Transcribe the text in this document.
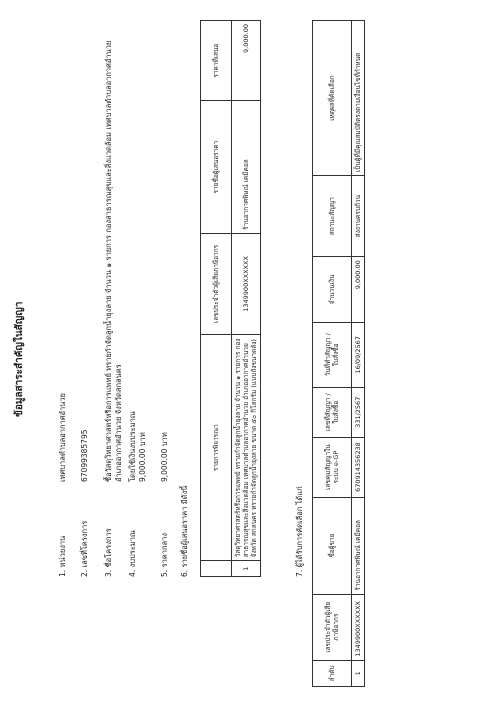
ข้อมูลสาระสำคัญในสัญญา
1. หน่วยงาน
เทศบาลตำบลอากาศอำนวย
2. เลขที่โครงการ
67099385795
3. ชื่อโครงการ
ซื้อวัสดุวิทยาศาสตร์หรือการแพทย์ ทรายกำจัดลูกน้ำยุงลาย จำนวน ๑ รายการ กองสาธารณสุขและสิ่งแวดล้อม เทศบาลตำบลอากาศอำนวย อำเภออากาศอำนวย จังหวัดสกลนคร
4. งบประมาณ
โดยใช้เงินงบประมาณ 9,000.00 บาท
5. ราคากลาง
9,000.00 บาท
6. รายชื่อผู้เสนอราคา มีดังนี้
	รายการพิจารณา	เลขประจำตัวผู้เสียภาษีอากร	รายชื่อผู้เสนอราคา	ราคาที่เสนอ
1	วัสดุวิทยาศาสตร์หรือการแพทย์ ทรายกำจัดลูกน้ำยุงลาย จำนวน ๑ รายการ กอง สาธารณสุขและสิ่งแวดล้อม เทศบาลตำบลอากาศอำนวย อำเภออากาศอำนวย จังหวัด สกลนคร ทรายกำจัดลูกน้ำยุงลาย ขนาด ๕๐ กิโลกรัม (แบบถังขนาดลัง)	1349900XXXXXX	ร้านอากาศพิษณ์ เคมีคอล	9,000.00
7. ผู้ได้รับการคัดเลือก ได้แก่
ลำดับ	เลขประจำตัวผู้เสียภาษีอากร	ชื่อผู้ขาย	เลขคุมสัญญาในระบบ e-GP	เลขที่สัญญา / ใบสั่งซื้อ	วันที่ทำสัญญา / ใบสั่งซื้อ	จำนวนเงิน	สถานะสัญญา	เหตุผลที่คัดเลือก
1	1349900XXXXXX	ร้านอากาศพิษณ์ เคมีคอล	670914356238	331/2567	16/09/2567	9,000.00	ส่งงานครบถ้วน	เป็นผู้ที่มีคุณสมบัติตรงตามเงื่อนไขที่กำหนด
